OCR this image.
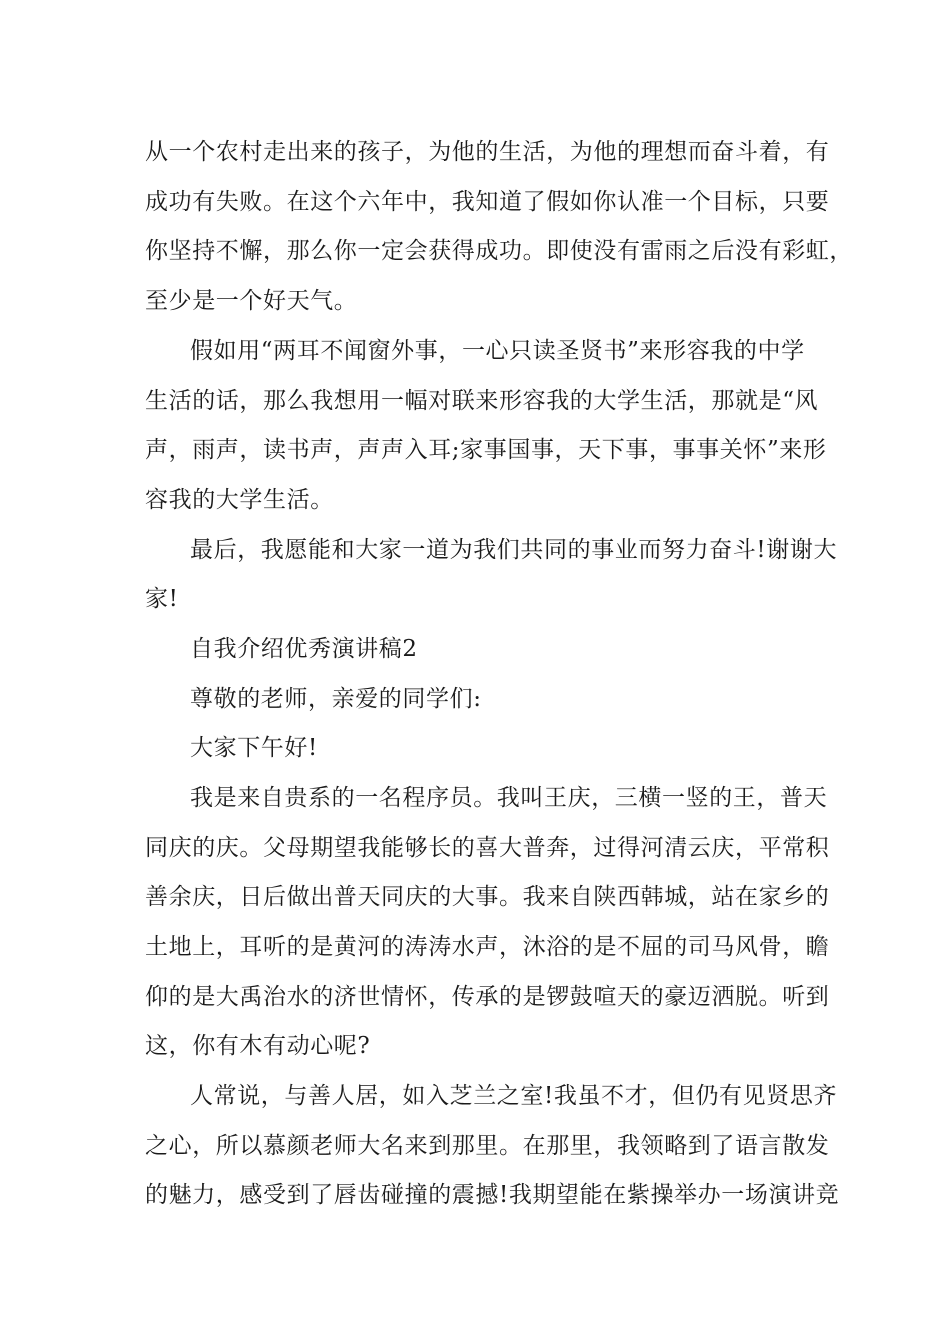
从一个农村走出来的孩子，为他的生活，为他的理想而奋斗着，有
成功有失败。在这个六年中，我知道了假如你认准一个目标，只要
你坚持不懈，那么你一定会获得成功。即使没有雷雨之后没有彩虹，
至少是一个好天气。
假如用“两耳不闻窗外事，一心只读圣贤书”来形容我的中学
生活的话，那么我想用一幅对联来形容我的大学生活，那就是“风
声，雨声，读书声，声声入耳;家事国事，天下事，事事关怀”来形
容我的大学生活。
最后，我愿能和大家一道为我们共同的事业而努力奋斗!谢谢大
家!
自我介绍优秀演讲稿2
尊敬的老师，亲爱的同学们:
大家下午好!
我是来自贵系的一名程序员。我叫王庆，三横一竖的王，普天
同庆的庆。父母期望我能够长的喜大普奔，过得河清云庆，平常积
善余庆，日后做出普天同庆的大事。我来自陕西韩城，站在家乡的
土地上，耳听的是黄河的涛涛水声，沐浴的是不屈的司马风骨，瞻
仰的是大禹治水的济世情怀，传承的是锣鼓喧天的豪迈洒脱。听到
这，你有木有动心呢?
人常说，与善人居，如入芝兰之室!我虽不才，但仍有见贤思齐
之心，所以慕颜老师大名来到那里。在那里，我领略到了语言散发
的魅力，感受到了唇齿碰撞的震撼!我期望能在紫操举办一场演讲竞
